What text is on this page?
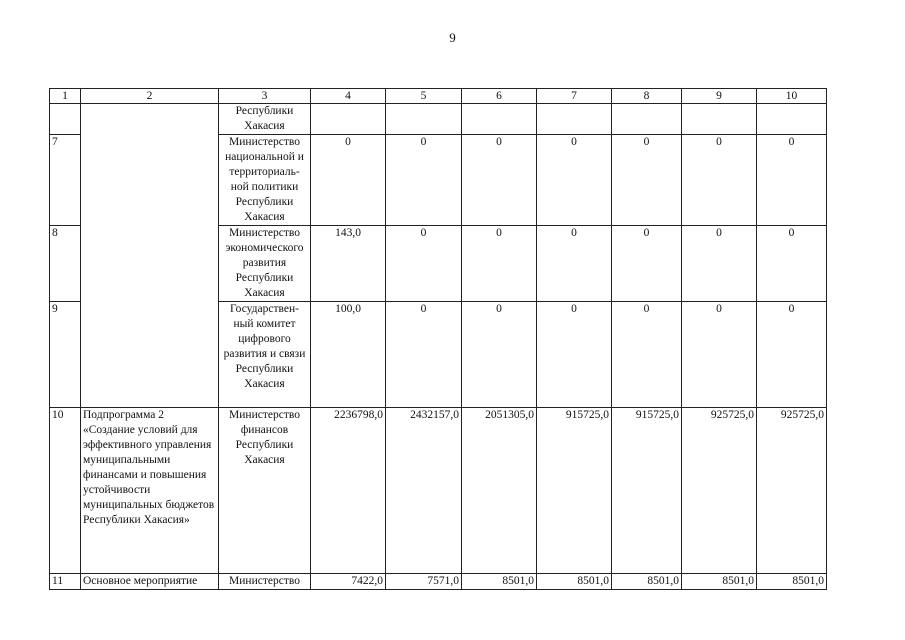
9
1	2	3	4	5	6	7	8	9	10
		Республики Хакасия							
7		Министерство национальной и территориаль-ной политики Республики Хакасия	0	0	0	0	0	0	0
8		Министерство экономического развития Республики Хакасия	143,0	0	0	0	0	0	0
9		Государствен-ный комитет цифрового развития и связи Республики Хакасия	100,0	0	0	0	0	0	0
10	Подпрограмма 2 «Создание условий для эффективного управления муниципальными финансами и повышения устойчивости муниципальных бюджетов Республики Хакасия»	Министерство финансов Республики Хакасия	2236798,0	2432157,0	2051305,0	915725,0	915725,0	925725,0	925725,0
11	Основное мероприятие	Министерство	7422,0	7571,0	8501,0	8501,0	8501,0	8501,0	8501,0
